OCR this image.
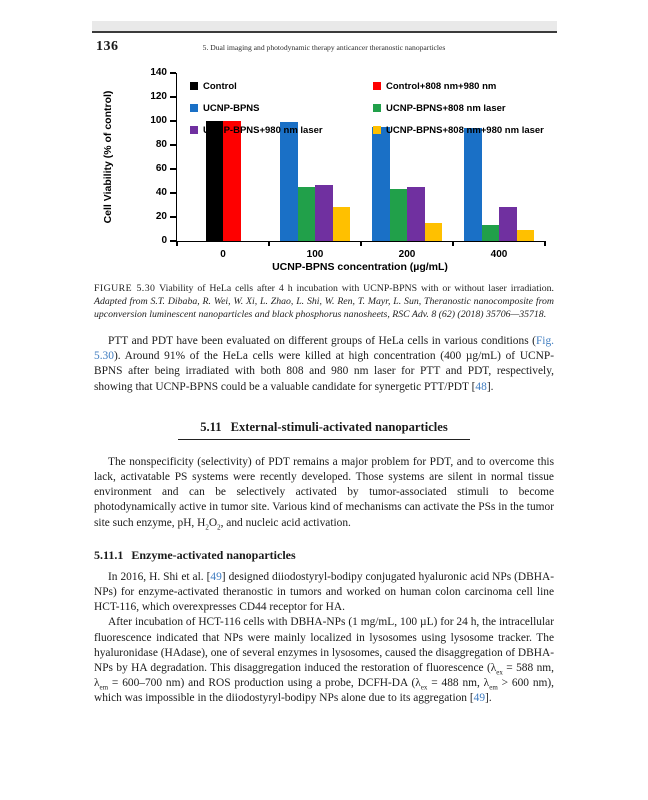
136	5. Dual imaging and photodynamic therapy anticancer theranostic nanoparticles
Cell Viability (% of control)
0
20
40
60
80
100
120
140
0	100	200	400
Control
UCNP-BPNS
UCNP-BPNS+980 nm laser
Control+808 nm+980 nm
UCNP-BPNS+808 nm laser
UCNP-BPNS+808 nm+980 nm laser
UCNP-BPNS concentration (µg/mL)
FIGURE 5.30 Viability of HeLa cells after 4 h incubation with UCNP-BPNS with or without laser irradiation. Adapted from S.T. Dibaba, R. Wei, W. Xi, L. Zhao, L. Shi, W. Ren, T. Mayr, L. Sun, Theranostic nanocomposite from upconversion luminescent nanoparticles and black phosphorus nanosheets, RSC Adv. 8 (62) (2018) 35706—35718.

PTT and PDT have been evaluated on different groups of HeLa cells in various conditions (Fig. 5.30). Around 91% of the HeLa cells were killed at high concentration (400 µg/mL) of UCNP-BPNS after being irradiated with both 808 and 980 nm laser for PTT and PDT, respectively, showing that UCNP-BPNS could be a valuable candidate for synergetic PTT/PDT [48].

5.11 External-stimuli-activated nanoparticles

The nonspecificity (selectivity) of PDT remains a major problem for PDT, and to overcome this lack, activatable PS systems were recently developed. Those systems are silent in normal tissue environment and can be selectively activated by tumor-associated stimuli to become photodynamically active in tumor site. Various kind of mechanisms can activate the PSs in the tumor site such enzyme, pH, $H_2O_2$, and nucleic acid activation.

5.11.1 Enzyme-activated nanoparticles

In 2016, H. Shi et al. [49] designed diiodostyryl-bodipy conjugated hyaluronic acid NPs (DBHA-NPs) for enzyme-activated theranostic in tumors and worked on human colon carcinoma cell line HCT-116, which overexpresses CD44 receptor for HA.

After incubation of HCT-116 cells with DBHA-NPs (1 mg/mL, 100 µL) for 24 h, the intracellular fluorescence indicated that NPs were mainly localized in lysosomes using lysosome tracker. The hyaluronidase (HAdase), one of several enzymes in lysosomes, caused the disaggregation of DBHA-NPs by HA degradation. This disaggregation induced the restoration of fluorescence ($\lambda_{ex} = 588$ nm, $\lambda_{em} = 600-700$ nm) and ROS production using a probe, DCFH-DA ($\lambda_{ex} = 488$ nm, $\lambda_{em} > 600$ nm), which was impossible in the diiodostyryl-bodipy NPs alone due to its aggregation [49].
